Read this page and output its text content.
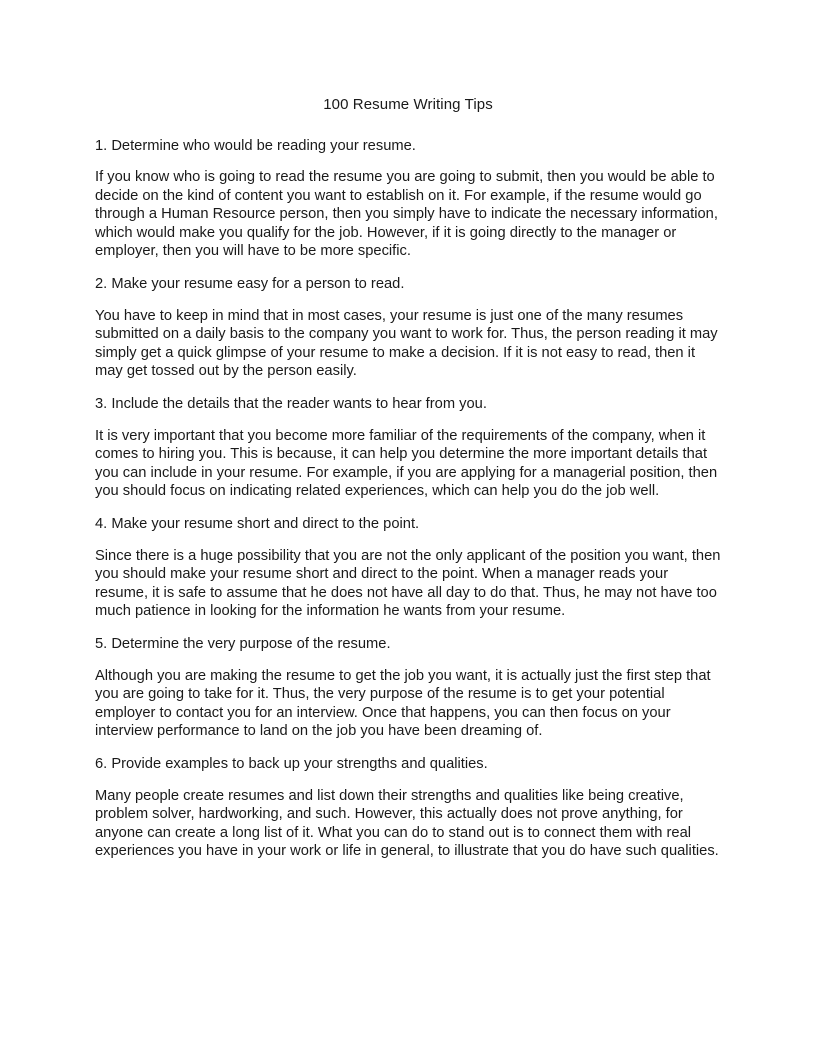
100 Resume Writing Tips

1. Determine who would be reading your resume.

If you know who is going to read the resume you are going to submit, then you would be able to decide on the kind of content you want to establish on it. For example, if the resume would go through a Human Resource person, then you simply have to indicate the necessary information, which would make you qualify for the job. However, if it is going directly to the manager or employer, then you will have to be more specific.

2. Make your resume easy for a person to read.

You have to keep in mind that in most cases, your resume is just one of the many resumes submitted on a daily basis to the company you want to work for. Thus, the person reading it may simply get a quick glimpse of your resume to make a decision. If it is not easy to read, then it may get tossed out by the person easily.

3. Include the details that the reader wants to hear from you.

It is very important that you become more familiar of the requirements of the company, when it comes to hiring you. This is because, it can help you determine the more important details that you can include in your resume. For example, if you are applying for a managerial position, then you should focus on indicating related experiences, which can help you do the job well.

4. Make your resume short and direct to the point.

Since there is a huge possibility that you are not the only applicant of the position you want, then you should make your resume short and direct to the point. When a manager reads your resume, it is safe to assume that he does not have all day to do that. Thus, he may not have too much patience in looking for the information he wants from your resume.

5. Determine the very purpose of the resume.

Although you are making the resume to get the job you want, it is actually just the first step that you are going to take for it. Thus, the very purpose of the resume is to get your potential employer to contact you for an interview. Once that happens, you can then focus on your interview performance to land on the job you have been dreaming of.

6. Provide examples to back up your strengths and qualities.

Many people create resumes and list down their strengths and qualities like being creative, problem solver, hardworking, and such. However, this actually does not prove anything, for anyone can create a long list of it. What you can do to stand out is to connect them with real experiences you have in your work or life in general, to illustrate that you do have such qualities.
